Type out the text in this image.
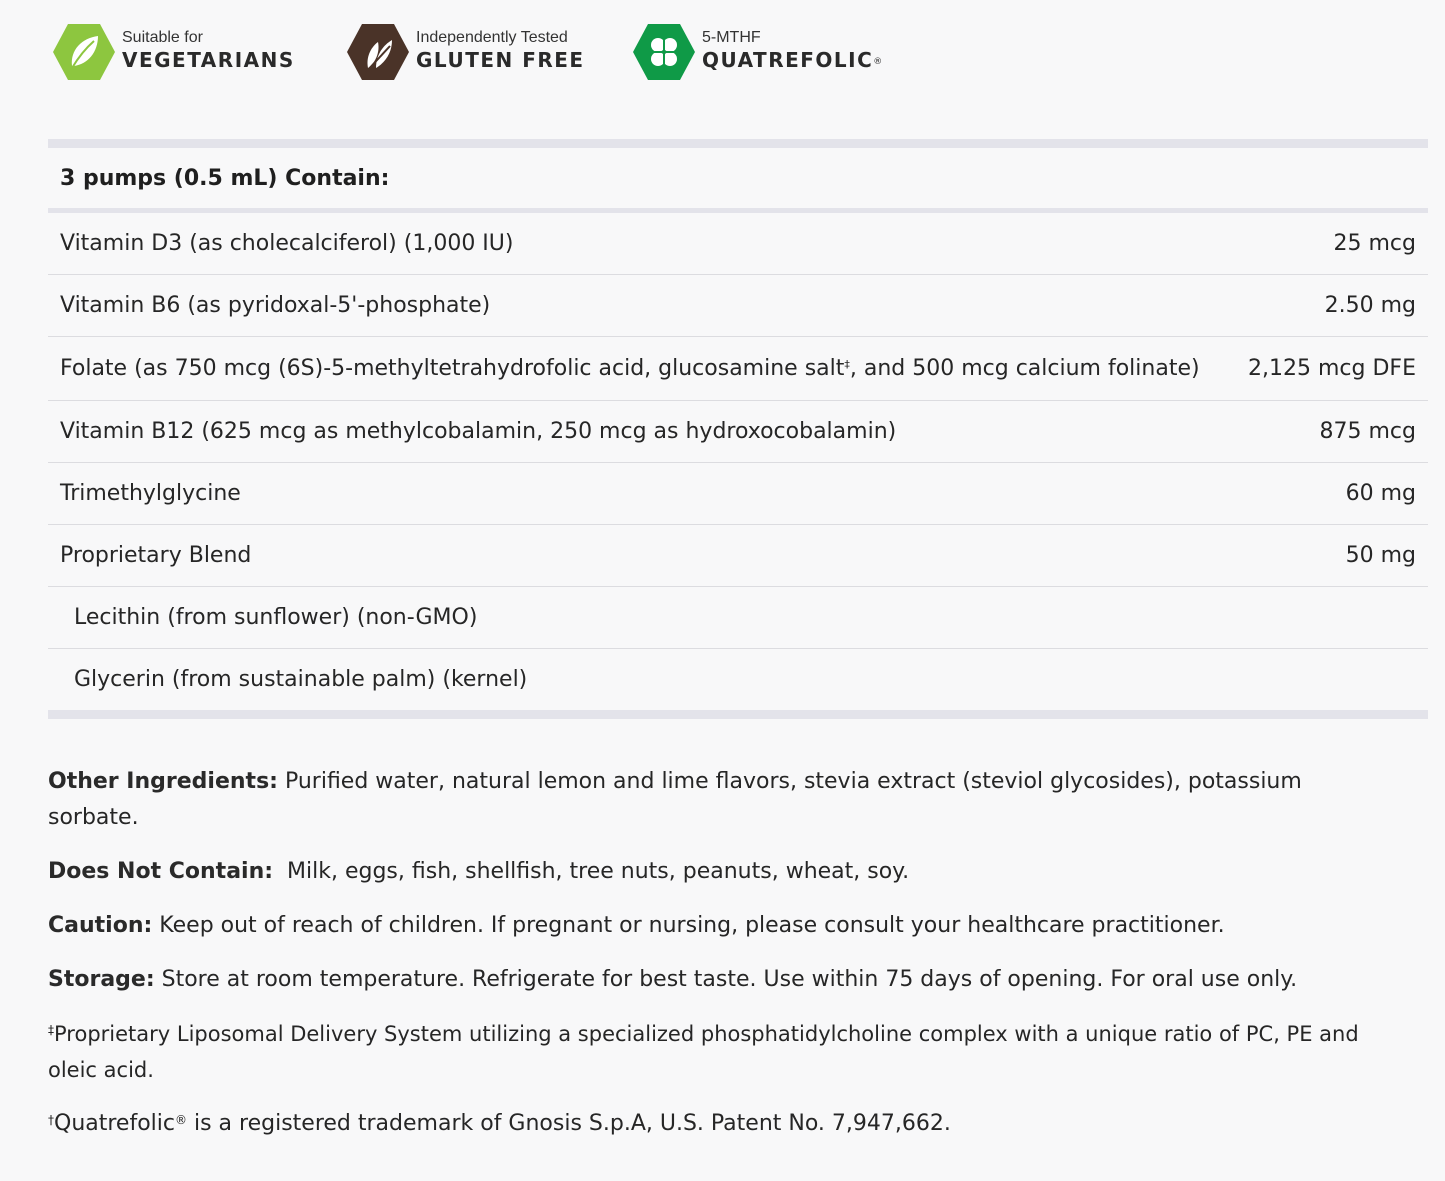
Suitable for
VEGETARIANS
Independently Tested
GLUTEN FREE
5-MTHF
QUATREFOLIC®
3 pumps (0.5 mL) Contain:
Vitamin D3 (as cholecalciferol) (1,000 IU)	25 mcg
Vitamin B6 (as pyridoxal-5'-phosphate)	2.50 mg
Folate (as 750 mcg (6S)-5-methyltetrahydrofolic acid, glucosamine salt‡, and 500 mcg calcium folinate)	2,125 mcg DFE
Vitamin B12 (625 mcg as methylcobalamin, 250 mcg as hydroxocobalamin)	875 mcg
Trimethylglycine	60 mg
Proprietary Blend	50 mg
Lecithin (from sunflower) (non-GMO)
Glycerin (from sustainable palm) (kernel)

Other Ingredients: Purified water, natural lemon and lime flavors, stevia extract (steviol glycosides), potassium sorbate.

Does Not Contain:  Milk, eggs, fish, shellfish, tree nuts, peanuts, wheat, soy.

Caution: Keep out of reach of children. If pregnant or nursing, please consult your healthcare practitioner.

Storage: Store at room temperature. Refrigerate for best taste. Use within 75 days of opening. For oral use only.

‡Proprietary Liposomal Delivery System utilizing a specialized phosphatidylcholine complex with a unique ratio of PC, PE and oleic acid.

†Quatrefolic® is a registered trademark of Gnosis S.p.A, U.S. Patent No. 7,947,662.
